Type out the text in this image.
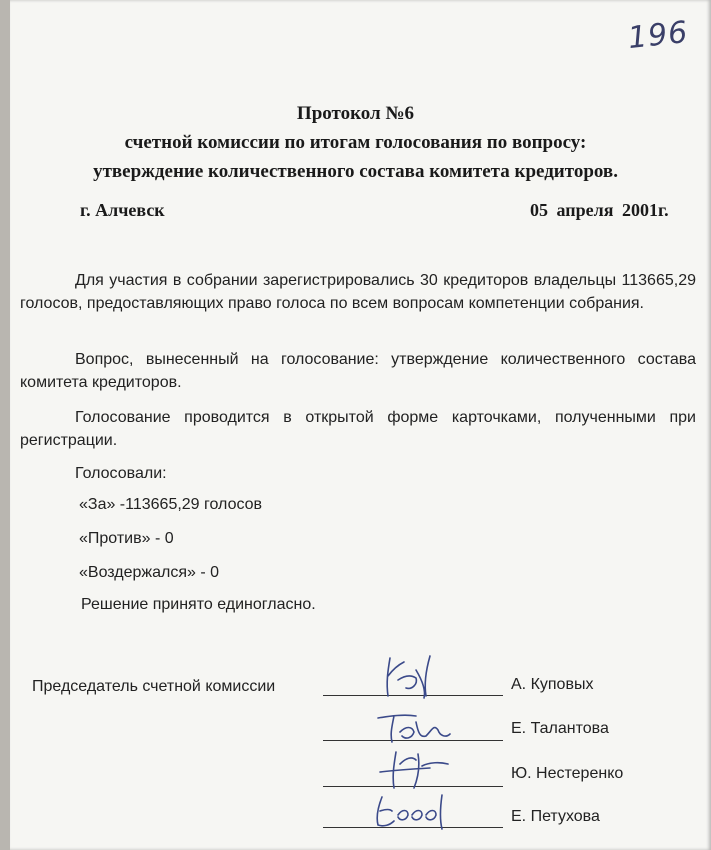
196
Протокол №6
счетной комиссии по итогам голосования по вопросу:
утверждение количественного состава комитета кредиторов.
г. Алчевск	05 апреля 2001г.

Для участия в собрании зарегистрировались 30 кредиторов владельцы 113665,29 голосов, предоставляющих право голоса по всем вопросам компетенции собрания.

Вопрос, вынесенный на голосование: утверждение количественного состава комитета кредиторов.

Голосование проводится в открытой форме карточками, полученными при регистрации.

Голосовали:
«За» -113665,29 голосов
«Против» - 0
«Воздержался» - 0
Решение принято единогласно.
Председатель счетной комиссии	А. Куповых
Е. Талантова
Ю. Нестеренко
Е. Петухова
